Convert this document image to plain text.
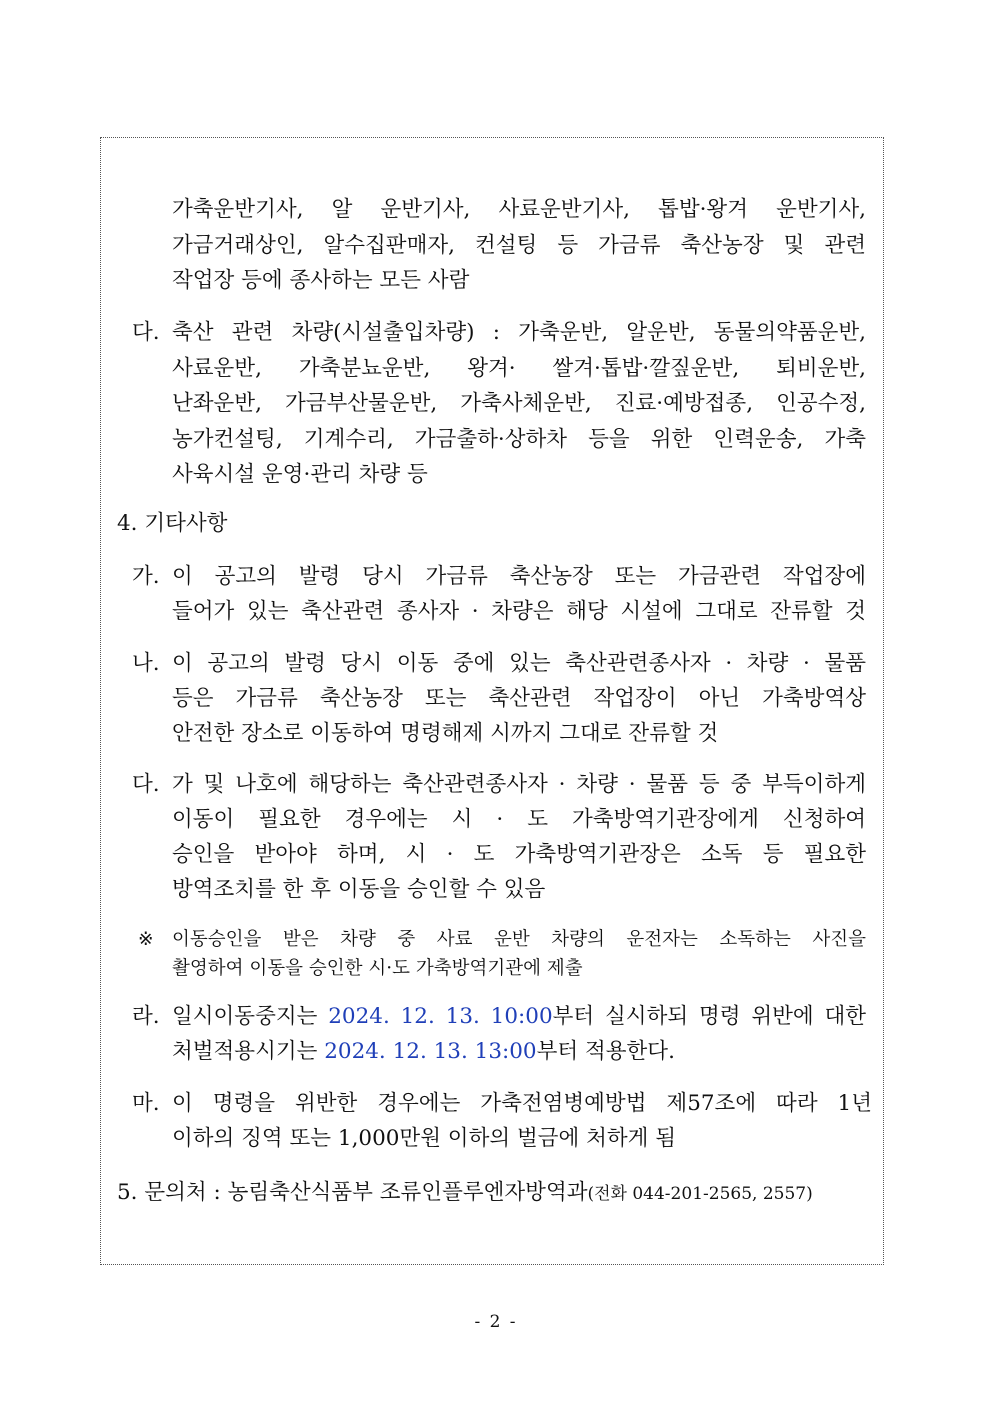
가축운반기사, 알 운반기사, 사료운반기사, 톱밥·왕겨 운반기사,
가금거래상인, 알수집판매자, 컨설팅 등 가금류 축산농장 및 관련
작업장 등에 종사하는 모든 사람
다. 축산 관련 차량(시설출입차량) : 가축운반, 알운반, 동물의약품운반,
사료운반, 가축분뇨운반, 왕겨· 쌀겨·톱밥·깔짚운반, 퇴비운반,
난좌운반, 가금부산물운반, 가축사체운반, 진료·예방접종, 인공수정,
농가컨설팅, 기계수리, 가금출하·상하차 등을 위한 인력운송, 가축
사육시설 운영·관리 차량 등
4. 기타사항
가. 이 공고의 발령 당시 가금류 축산농장 또는 가금관련 작업장에
들어가 있는 축산관련 종사자 · 차량은 해당 시설에 그대로 잔류할 것
나. 이 공고의 발령 당시 이동 중에 있는 축산관련종사자 · 차량 · 물품
등은 가금류 축산농장 또는 축산관련 작업장이 아닌 가축방역상
안전한 장소로 이동하여 명령해제 시까지 그대로 잔류할 것
다. 가 및 나호에 해당하는 축산관련종사자 · 차량 · 물품 등 중 부득이하게
이동이 필요한 경우에는 시 · 도 가축방역기관장에게 신청하여
승인을 받아야 하며, 시 · 도 가축방역기관장은 소독 등 필요한
방역조치를 한 후 이동을 승인할 수 있음
※ 이동승인을 받은 차량 중 사료 운반 차량의 운전자는 소독하는 사진을
촬영하여 이동을 승인한 시·도 가축방역기관에 제출
라. 일시이동중지는 2024. 12. 13. 10:00부터 실시하되 명령 위반에 대한
처벌적용시기는 2024. 12. 13. 13:00부터 적용한다.
마. 이 명령을 위반한 경우에는 가축전염병예방법 제57조에 따라 1년
이하의 징역 또는 1,000만원 이하의 벌금에 처하게 됨
5. 문의처 : 농림축산식품부 조류인플루엔자방역과(전화 044-201-2565, 2557)
- 2 -
